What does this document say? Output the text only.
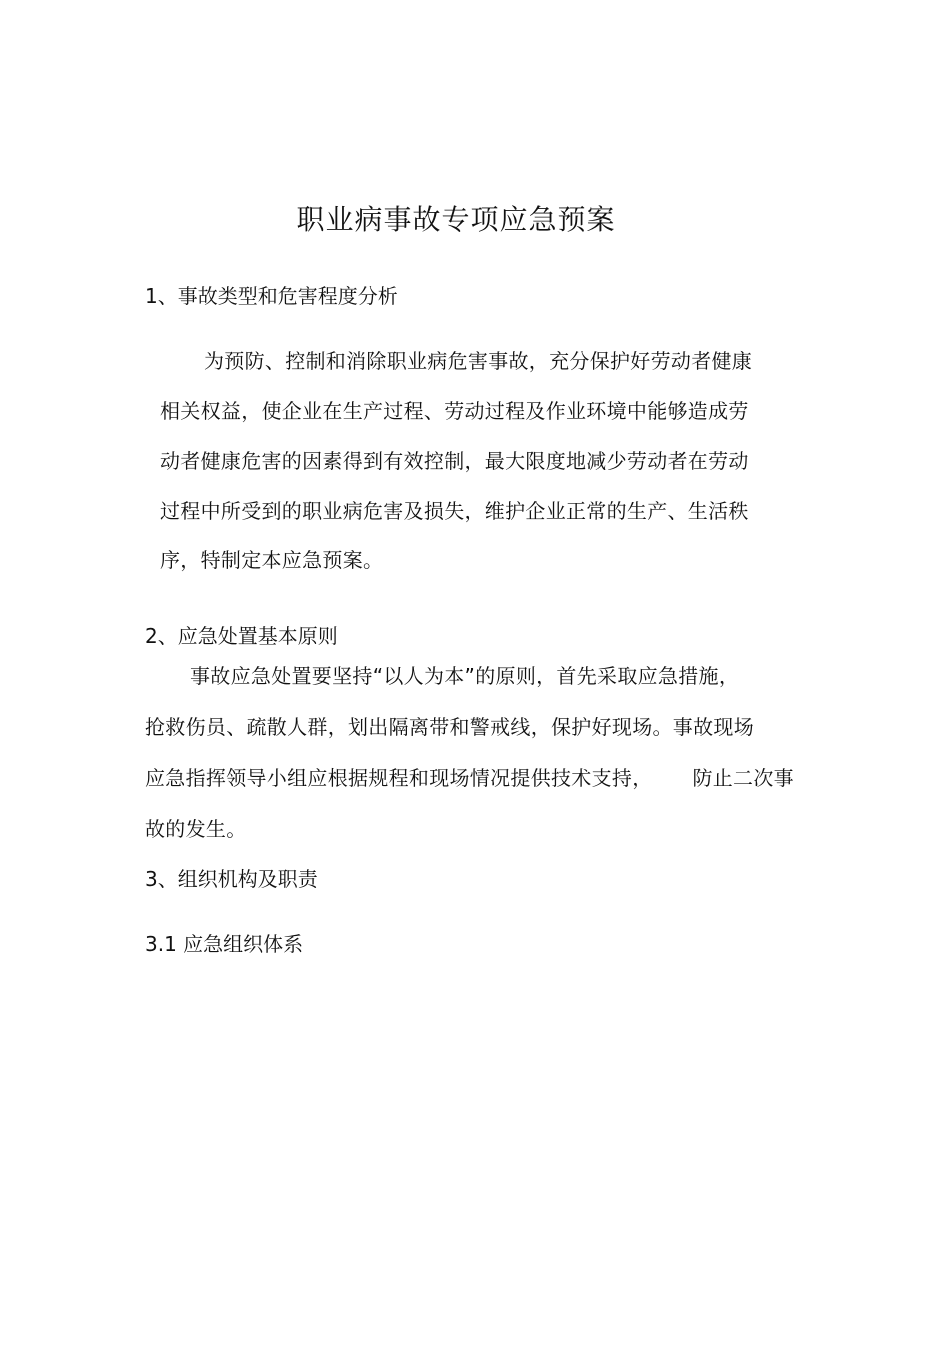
职业病事故专项应急预案
1、事故类型和危害程度分析
为预防、控制和消除职业病危害事故，充分保护好劳动者健康
相关权益，使企业在生产过程、劳动过程及作业环境中能够造成劳
动者健康危害的因素得到有效控制，最大限度地减少劳动者在劳动
过程中所受到的职业病危害及损失，维护企业正常的生产、生活秩
序，特制定本应急预案。
2、应急处置基本原则
事故应急处置要坚持“以人为本”的原则，首先采取应急措施，
抢救伤员、疏散人群，划出隔离带和警戒线，保护好现场。事故现场
应急指挥领导小组应根据规程和现场情况提供技术支持，      防止二次事
故的发生。
3、组织机构及职责
3.1 应急组织体系
